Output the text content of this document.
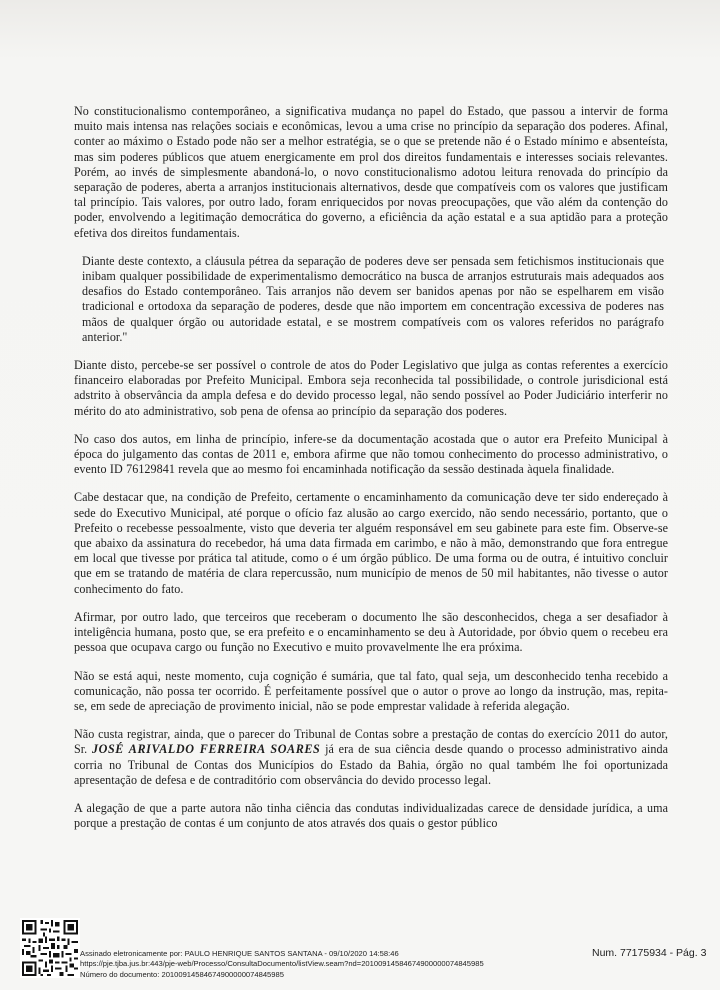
No constitucionalismo contemporâneo, a significativa mudança no papel do Estado, que passou a intervir de forma muito mais intensa nas relações sociais e econômicas, levou a uma crise no princípio da separação dos poderes. Afinal, conter ao máximo o Estado pode não ser a melhor estratégia, se o que se pretende não é o Estado mínimo e absenteísta, mas sim poderes públicos que atuem energicamente em prol dos direitos fundamentais e interesses sociais relevantes. Porém, ao invés de simplesmente abandoná-lo, o novo constitucionalismo adotou leitura renovada do princípio da separação de poderes, aberta a arranjos institucionais alternativos, desde que compatíveis com os valores que justificam tal princípio. Tais valores, por outro lado, foram enriquecidos por novas preocupações, que vão além da contenção do poder, envolvendo a legitimação democrática do governo, a eficiência da ação estatal e a sua aptidão para a proteção efetiva dos direitos fundamentais.

Diante deste contexto, a cláusula pétrea da separação de poderes deve ser pensada sem fetichismos institucionais que inibam qualquer possibilidade de experimentalismo democrático na busca de arranjos estruturais mais adequados aos desafios do Estado contemporâneo. Tais arranjos não devem ser banidos apenas por não se espelharem em visão tradicional e ortodoxa da separação de poderes, desde que não importem em concentração excessiva de poderes nas mãos de qualquer órgão ou autoridade estatal, e se mostrem compatíveis com os valores referidos no parágrafo anterior."

Diante disto, percebe-se ser possível o controle de atos do Poder Legislativo que julga as contas referentes a exercício financeiro elaboradas por Prefeito Municipal. Embora seja reconhecida tal possibilidade, o controle jurisdicional está adstrito à observância da ampla defesa e do devido processo legal, não sendo possível ao Poder Judiciário interferir no mérito do ato administrativo, sob pena de ofensa ao princípio da separação dos poderes.

No caso dos autos, em linha de princípio, infere-se da documentação acostada que o autor era Prefeito Municipal à época do julgamento das contas de 2011 e, embora afirme que não tomou conhecimento do processo administrativo, o evento ID 76129841 revela que ao mesmo foi encaminhada notificação da sessão destinada àquela finalidade.

Cabe destacar que, na condição de Prefeito, certamente o encaminhamento da comunicação deve ter sido endereçado à sede do Executivo Municipal, até porque o ofício faz alusão ao cargo exercido, não sendo necessário, portanto, que o Prefeito o recebesse pessoalmente, visto que deveria ter alguém responsável em seu gabinete para este fim. Observe-se que abaixo da assinatura do recebedor, há uma data firmada em carimbo, e não à mão, demonstrando que fora entregue em local que tivesse por prática tal atitude, como o é um órgão público. De uma forma ou de outra, é intuitivo concluir que em se tratando de matéria de clara repercussão, num município de menos de 50 mil habitantes, não tivesse o autor conhecimento do fato.

Afirmar, por outro lado, que terceiros que receberam o documento lhe são desconhecidos, chega a ser desafiador à inteligência humana, posto que, se era prefeito e o encaminhamento se deu à Autoridade, por óbvio quem o recebeu era pessoa que ocupava cargo ou função no Executivo e muito provavelmente lhe era próxima.

Não se está aqui, neste momento, cuja cognição é sumária, que tal fato, qual seja, um desconhecido tenha recebido a comunicação, não possa ter ocorrido. É perfeitamente possível que o autor o prove ao longo da instrução, mas, repita-se, em sede de apreciação de provimento inicial, não se pode emprestar validade à referida alegação.

Não custa registrar, ainda, que o parecer do Tribunal de Contas sobre a prestação de contas do exercício 2011 do autor, Sr. JOSÉ ARIVALDO FERREIRA SOARES já era de sua ciência desde quando o processo administrativo ainda corria no Tribunal de Contas dos Municípios do Estado da Bahia, órgão no qual também lhe foi oportunizada apresentação de defesa e de contraditório com observância do devido processo legal.

A alegação de que a parte autora não tinha ciência das condutas individualizadas carece de densidade jurídica, a uma porque a prestação de contas é um conjunto de atos através dos quais o gestor público

Assinado eletronicamente por: PAULO HENRIQUE SANTOS SANTANA - 09/10/2020 14:58:46
https://pje.tjba.jus.br:443/pje-web/Processo/ConsultaDocumento/listView.seam?nd=20100914584674900000074845985
Número do documento: 20100914584674900000074845985
Num. 77175934 - Pág. 3
